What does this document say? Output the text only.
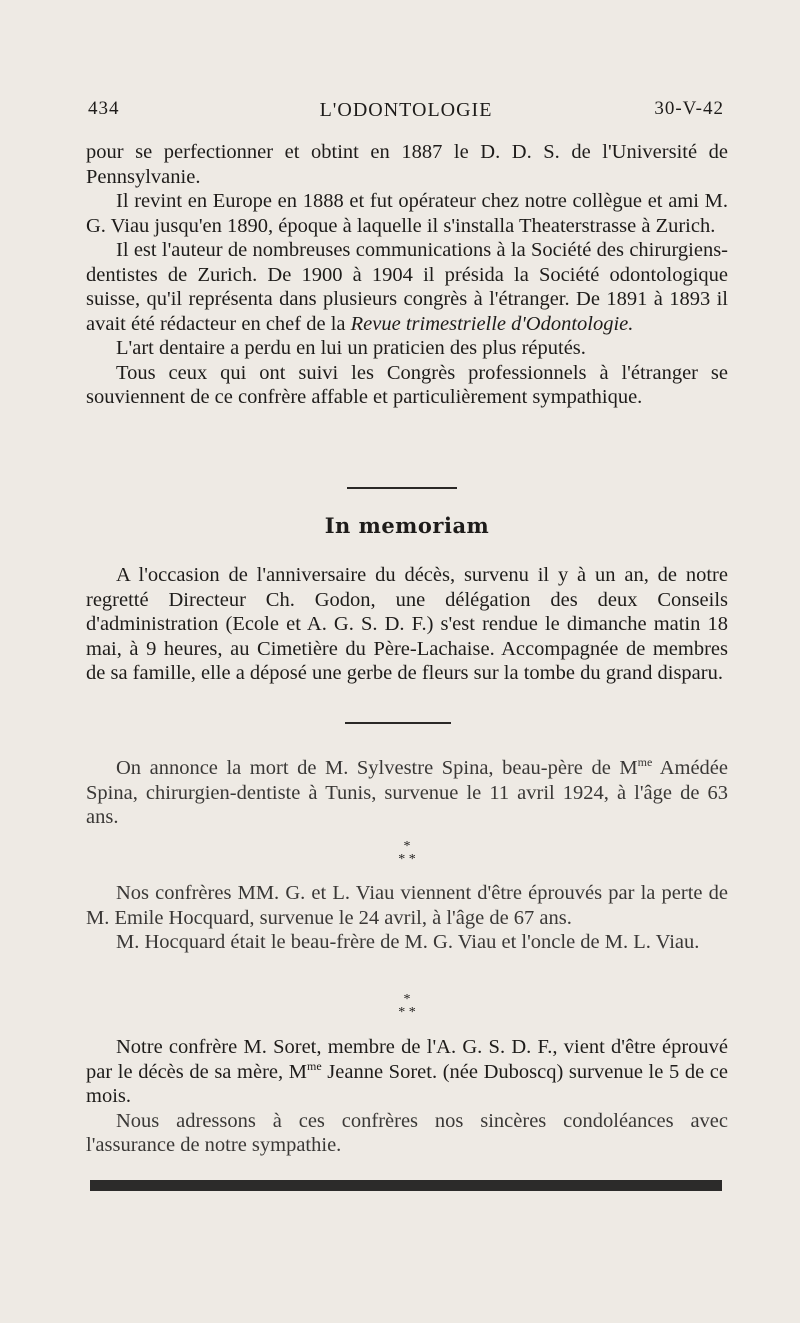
434	L'ODONTOLOGIE	30-V-42

pour se perfectionner et obtint en 1887 le D. D. S. de l'Université de Pennsylvanie.

Il revint en Europe en 1888 et fut opérateur chez notre collègue et ami M. G. Viau jusqu'en 1890, époque à laquelle il s'installa Theaterstrasse à Zurich.

Il est l'auteur de nombreuses communications à la Société des chirurgiens-dentistes de Zurich. De 1900 à 1904 il présida la Société odontologique suisse, qu'il représenta dans plusieurs congrès à l'étranger. De 1891 à 1893 il avait été rédacteur en chef de la Revue trimestrielle d'Odontologie.

L'art dentaire a perdu en lui un praticien des plus réputés.

Tous ceux qui ont suivi les Congrès professionnels à l'étranger se souviennent de ce confrère affable et particulièrement sympathique.

In memoriam

A l'occasion de l'anniversaire du décès, survenu il y à un an, de notre regretté Directeur Ch. Godon, une délégation des deux Conseils d'administration (Ecole et A. G. S. D. F.) s'est rendue le dimanche matin 18 mai, à 9 heures, au Cimetière du Père-Lachaise. Accompagnée de membres de sa famille, elle a déposé une gerbe de fleurs sur la tombe du grand disparu.

On annonce la mort de M. Sylvestre Spina, beau-père de $M^{me}$ Amédée Spina, chirurgien-dentiste à Tunis, survenue le 11 avril 1924, à l'âge de 63 ans.

*
* *

Nos confrères MM. G. et L. Viau viennent d'être éprouvés par la perte de M. Emile Hocquard, survenue le 24 avril, à l'âge de 67 ans.

M. Hocquard était le beau-frère de M. G. Viau et l'oncle de M. L. Viau.

*
* *

Notre confrère M. Soret, membre de l'A. G. S. D. F., vient d'être éprouvé par le décès de sa mère, $M^{me}$ Jeanne Soret. (née Duboscq) survenue le 5 de ce mois.

Nous adressons à ces confrères nos sincères condoléances avec l'assurance de notre sympathie.
